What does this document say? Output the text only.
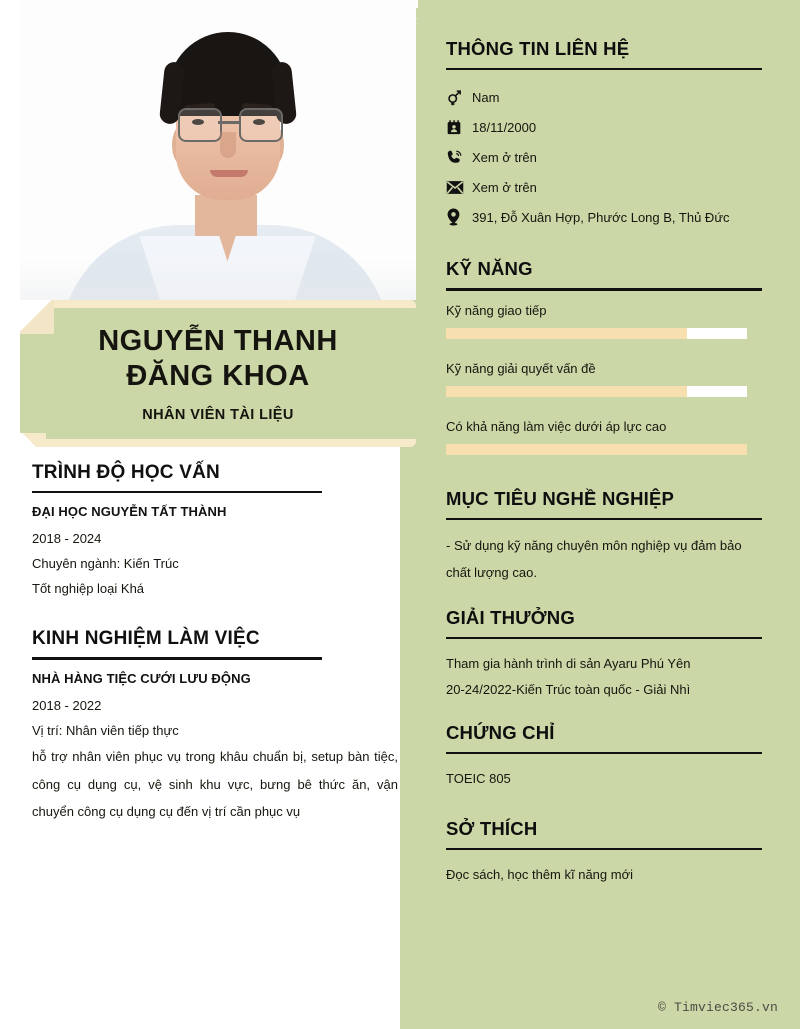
NGUYỄN THANH
ĐĂNG KHOA
NHÂN VIÊN TÀI LIỆU
TRÌNH ĐỘ HỌC VẤN
ĐẠI HỌC NGUYỄN TẤT THÀNH
2018 - 2024
Chuyên ngành: Kiến Trúc
Tốt nghiệp loại Khá
KINH NGHIỆM LÀM VIỆC
NHÀ HÀNG TIỆC CƯỚI LƯU ĐỘNG
2018 - 2022
Vị trí: Nhân viên tiếp thực
hỗ trợ nhân viên phục vụ trong khâu chuẩn bị, setup bàn tiệc, công cụ dụng cụ, vệ sinh khu vực, bưng bê thức ăn, vận chuyển công cụ dụng cụ đến vị trí cần phục vụ
THÔNG TIN LIÊN HỆ
Nam
18/11/2000
Xem ở trên
Xem ở trên
391, Đỗ Xuân Hợp, Phước Long B, Thủ Đức
KỸ NĂNG
Kỹ năng giao tiếp
Kỹ năng giải quyết vấn đề
Có khả năng làm việc dưới áp lực cao
MỤC TIÊU NGHỀ NGHIỆP
- Sử dụng kỹ năng chuyên môn nghiệp vụ đảm bảo chất lượng cao.
GIẢI THƯỞNG
Tham gia hành trình di sản Ayaru Phú Yên
20-24/2022-Kiến Trúc toàn quốc - Giải Nhì
CHỨNG CHỈ
TOEIC 805
SỞ THÍCH
Đọc sách, học thêm kĩ năng mới
© Timviec365.vn
